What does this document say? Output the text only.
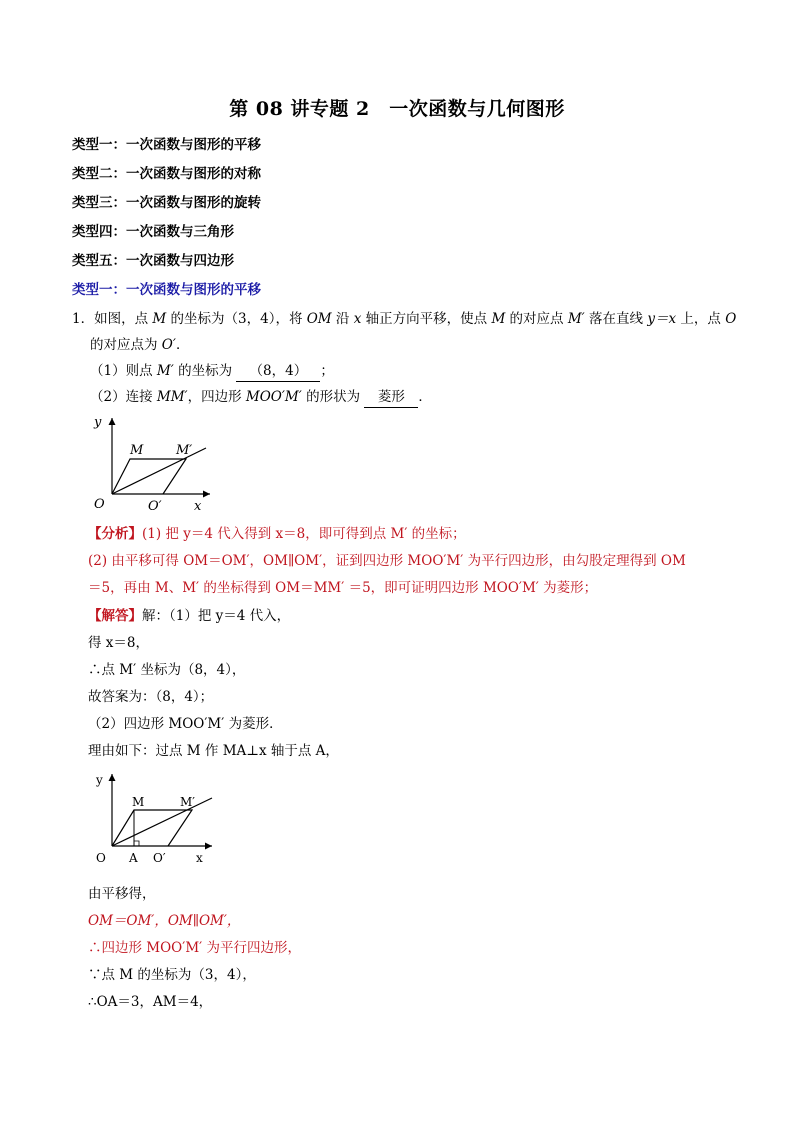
第 08 讲专题 2　一次函数与几何图形
类型一：一次函数与图形的平移
类型二：一次函数与图形的对称
类型三：一次函数与图形的旋转
类型四：一次函数与三角形
类型五：一次函数与四边形
类型一：一次函数与图形的平移
1．如图，点 M 的坐标为（3，4），将 OM 沿 x 轴正方向平移，使点 M 的对应点 M′ 落在直线 y＝x 上，点 O
的对应点为 O′．
（1）则点 M′ 的坐标为 （8，4） ；
（2）连接 MM′，四边形 MOO′M′ 的形状为 菱形 ．
y
M	M′
O	O′ x
【分析】(1) 把 y＝4 代入得到 x＝8，即可得到点 M′ 的坐标；
(2) 由平移可得 OM＝OM′，OM∥OM′，证到四边形 MOO′M′ 为平行四边形，由勾股定理得到 OM
＝5，再由 M、M′ 的坐标得到 OM＝MM′ ＝5，即可证明四边形 MOO′M′ 为菱形；
【解答】解：（1）把 y＝4 代入，
得 x＝8，
∴点 M′ 坐标为（8，4），
故答案为：（8，4）；
（2）四边形 MOO′M′ 为菱形．
理由如下：过点 M 作 MA⊥x 轴于点 A，
y
M	M′
O A O′	x
由平移得，
OM＝OM′，OM∥OM′，
∴四边形 MOO′M′ 为平行四边形，
∵点 M 的坐标为（3，4），
∴OA＝3，AM＝4，
